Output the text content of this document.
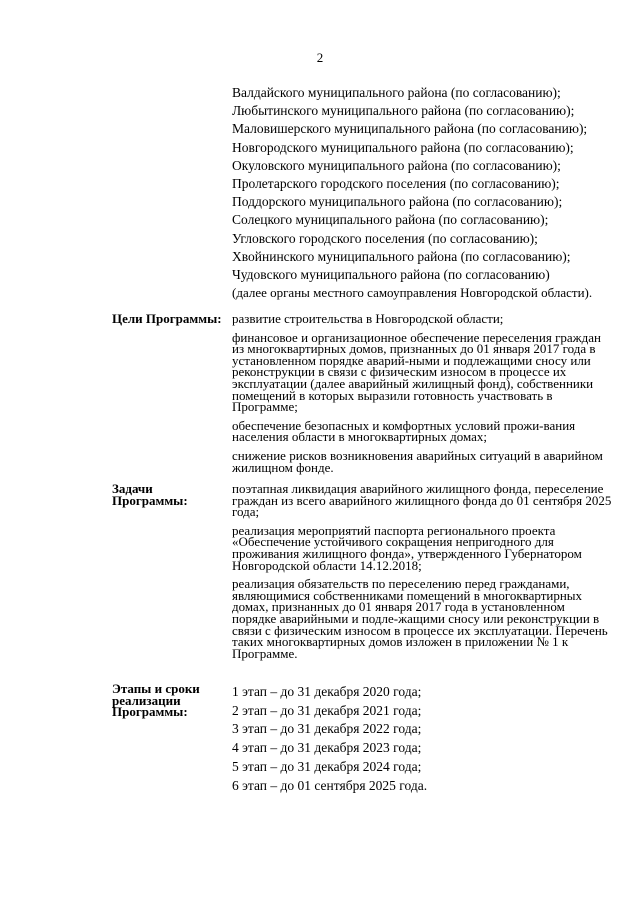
2
Валдайского муниципального района (по согласованию);
Любытинского муниципального района (по согласованию);
Маловишерского муниципального района (по согласованию);
Новгородского муниципального района (по согласованию);
Окуловского муниципального района (по согласованию);
Пролетарского городского поселения (по согласованию);
Поддорского муниципального района (по согласованию);
Солецкого муниципального района (по согласованию);
Угловского городского поселения (по согласованию);
Хвойнинского муниципального района (по согласованию);
Чудовского муниципального района (по согласованию)
(далее органы местного самоуправления Новгородской области).
Цели Программы: развитие строительства в Новгородской области;
финансовое и организационное обеспечение переселения граждан из многоквартирных домов, признанных до 01 января 2017 года в установленном порядке аварий-ными и подлежащими сносу или реконструкции в связи с физическим износом в процессе их эксплуатации (далее аварийный жилищный фонд), собственники помещений в которых выразили готовность участвовать в Программе;
обеспечение безопасных и комфортных условий прожи-вания населения области в многоквартирных домах;
снижение рисков возникновения аварийных ситуаций в аварийном жилищном фонде.
Задачи Программы:
поэтапная ликвидация аварийного жилищного фонда, переселение граждан из всего аварийного жилищного фонда до 01 сентября 2025 года;
реализация мероприятий паспорта регионального проекта «Обеспечение устойчивого сокращения непригодного для проживания жилищного фонда», утвержденного Губернатором Новгородской области 14.12.2018;
реализация обязательств по переселению перед гражданами, являющимися собственниками помещений в многоквартирных домах, признанных до 01 января 2017 года в установленном порядке аварийными и подле-жащими сносу или реконструкции в связи с физическим износом в процессе их эксплуатации. Перечень таких многоквартирных домов изложен в приложении № 1 к Программе.
Этапы и сроки реализации Программы:
1 этап – до 31 декабря 2020 года;
2 этап – до 31 декабря 2021 года;
3 этап – до 31 декабря 2022 года;
4 этап – до 31 декабря 2023 года;
5 этап – до 31 декабря 2024 года;
6 этап – до 01 сентября 2025 года.
